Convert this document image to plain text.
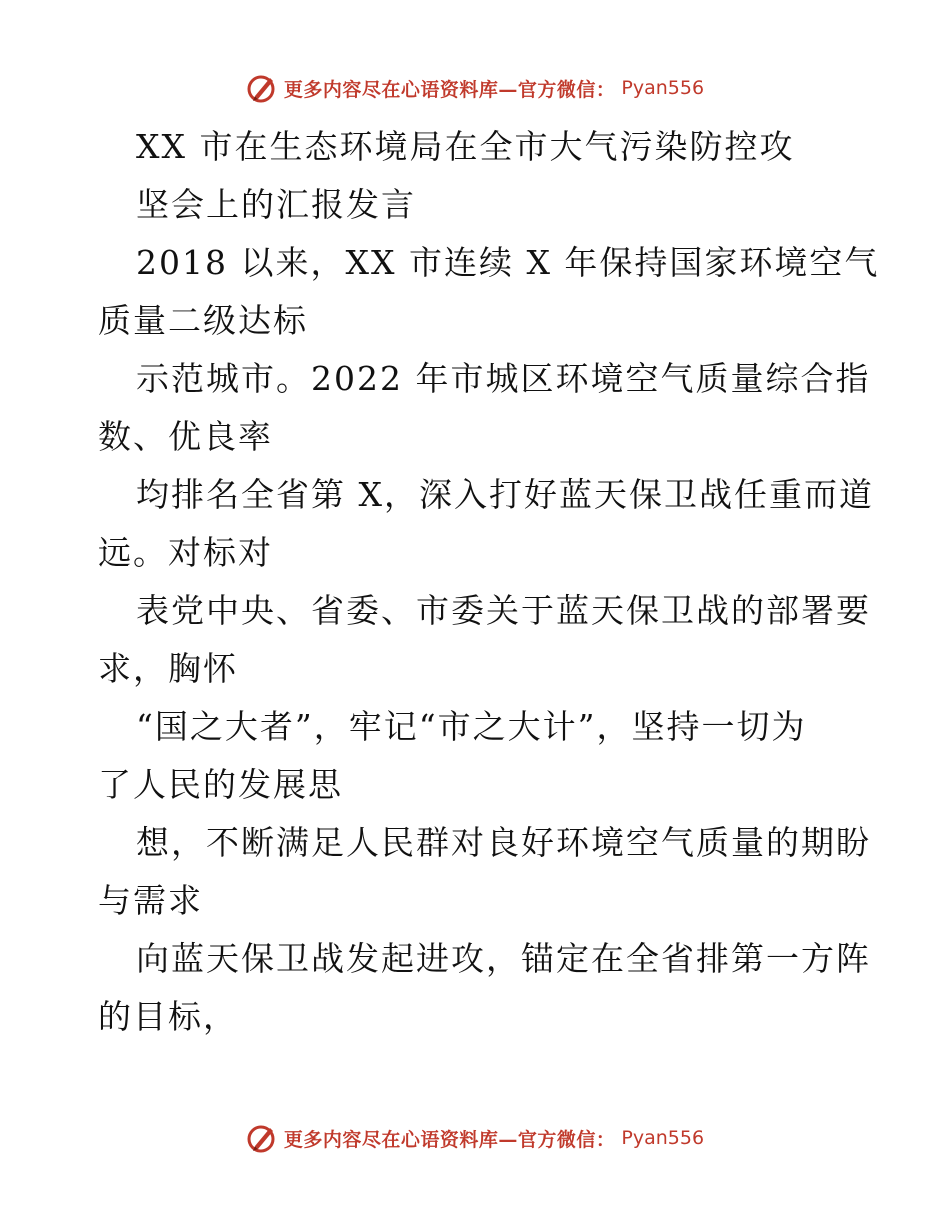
更多内容尽在心语资料库—官方微信： Pyan556
XX 市在生态环境局在全市大气污染防控攻
坚会上的汇报发言
2018 以来，XX 市连续 X 年保持国家环境空气
质量二级达标
示范城市。2022 年市城区环境空气质量综合指
数、优良率
均排名全省第 X，深入打好蓝天保卫战任重而道
远。对标对
表党中央、省委、市委关于蓝天保卫战的部署要
求，胸怀
“国之大者”，牢记“市之大计”，坚持一切为
了人民的发展思
想，不断满足人民群对良好环境空气质量的期盼
与需求
向蓝天保卫战发起进攻，锚定在全省排第一方阵
的目标，
更多内容尽在心语资料库—官方微信： Pyan556
